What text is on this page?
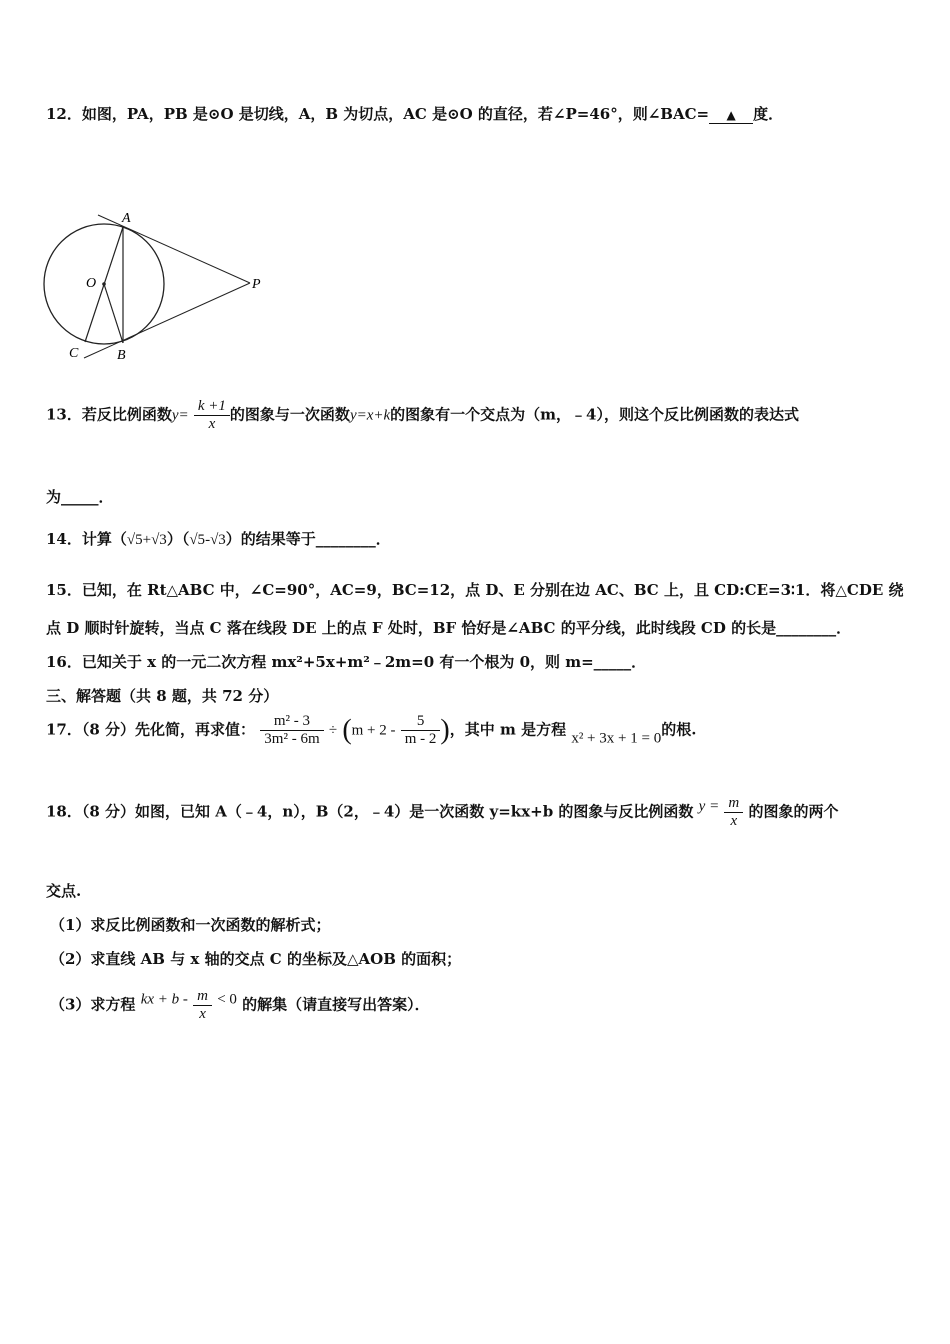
12．如图，PA，PB 是⊙O 是切线，A，B 为切点，AC 是⊙O 的直径，若∠P=46°，则∠BAC= ▲ 度．
A
O	P
C	B
13．若反比例函数$y= \frac{k +1}{x}$ 的图象与一次函数y=x+k的图象有一个交点为（m，﹣4），则这个反比例函数的表达式
为_____．
14．计算（√5+√3）（√5-√3）的结果等于________．
15．已知，在 Rt△ABC 中，∠C=90°，AC=9，BC=12，点 D、E 分别在边 AC、BC 上，且 CD:CE=3∶1．将△CDE 绕
点 D 顺时针旋转，当点 C 落在线段 DE 上的点 F 处时，BF 恰好是∠ABC 的平分线，此时线段 CD 的长是________．
16．已知关于 x 的一元二次方程 mx²+5x+m²﹣2m=0 有一个根为 0，则 m=_____．
三、解答题（共 8 题，共 72 分）
17．（8 分）先化简，再求值： $\frac{\text{m² - 3}}{\text{3m² - 6m}} \div (m + 2 - \frac{5}{m - 2}$ )，其中 m 是方程 x² + 3x + 1 = 0的根.
18．（8 分）如图，已知 A（﹣4，n），B（2，﹣4）是一次函数 y=kx+b 的图象与反比例函数 $y = \frac{m}{x}$ 的图象的两个
交点.
（1）求反比例函数和一次函数的解析式；
（2）求直线 AB 与 x 轴的交点 C 的坐标及△AOB 的面积；
（3）求方程 kx + $b - \frac{m}{x} < 0$ 的解集（请直接写出答案）．
